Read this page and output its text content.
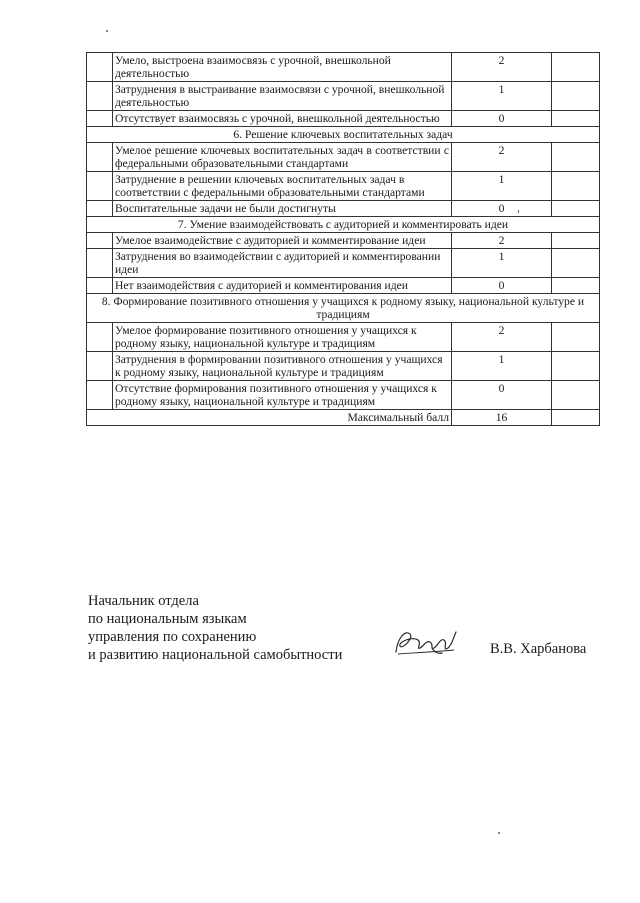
	Умело, выстроена взаимосвязь с урочной, внешкольной деятельностью	2	
	Затруднения в выстраивание взаимосвязи с урочной, внешкольной деятельностью	1	
	Отсутствует взаимосвязь с урочной, внешкольной деятельностью	0	
6. Решение ключевых воспитательных задач			
	Умелое решение ключевых воспитательных задач в соответствии с федеральными образовательными стандартами	2	
	Затруднение в решении ключевых воспитательных задач в соответствии с федеральными образовательными стандартами	1	
	Воспитательные задачи не были достигнуты	0	
7. Умение взаимодействовать с аудиторией и комментировать идеи			
	Умелое взаимодействие с аудиторией и комментирование идеи	2	
	Затруднения во взаимодействии с аудиторией и комментировании идеи	1	
	Нет взаимодействия с аудиторией и комментирования идеи	0	
8. Формирование позитивного отношения у учащихся к родному языку, национальной культуре и традициям			
	Умелое формирование позитивного отношения у учащихся к родному языку, национальной культуре и традициям	2	
	Затруднения в формировании позитивного отношения у учащихся к родному языку, национальной культуре и традициям	1	
	Отсутствие формирования позитивного отношения у учащихся к родному языку, национальной культуре и традициям	0	
Максимальный балл		16	
Начальник отдела
по национальным языкам
управления по сохранению
и развитию национальной самобытности	В.В. Харбанова
